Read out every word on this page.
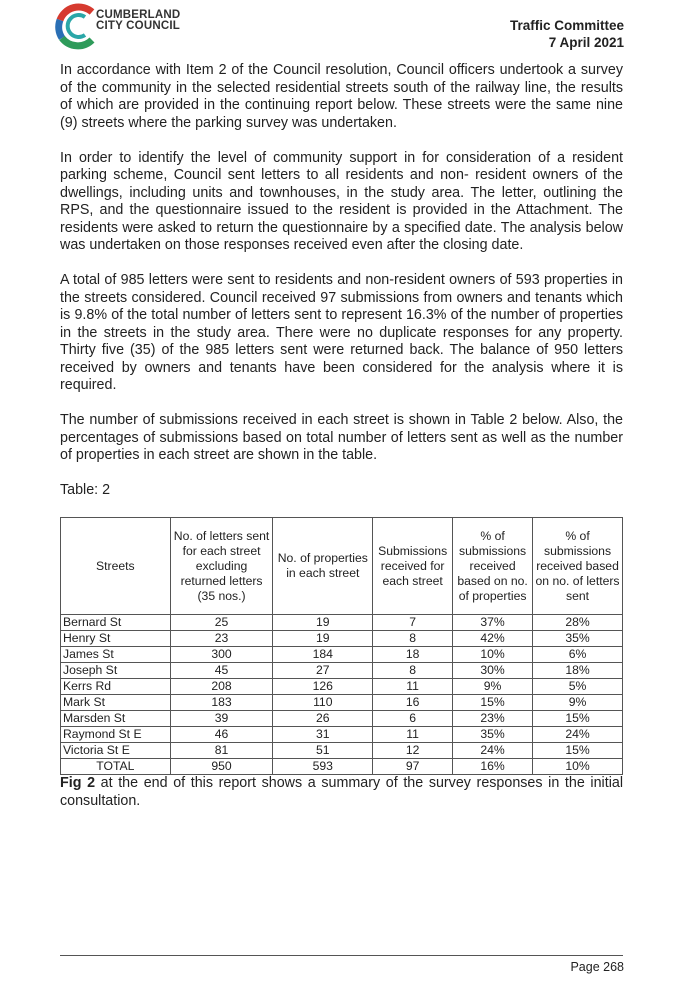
CUMBERLAND
CITY COUNCIL	Traffic Committee
7 April 2021

In accordance with Item 2 of the Council resolution, Council officers undertook a survey of the community in the selected residential streets south of the railway line, the results of which are provided in the continuing report below. These streets were the same nine (9) streets where the parking survey was undertaken.

In order to identify the level of community support in for consideration of a resident parking scheme, Council sent letters to all residents and non- resident owners of the dwellings, including units and townhouses, in the study area. The letter, outlining the RPS, and the questionnaire issued to the resident is provided in the Attachment. The residents were asked to return the questionnaire by a specified date. The analysis below was undertaken on those responses received even after the closing date.

A total of 985 letters were sent to residents and non-resident owners of 593 properties in the streets considered. Council received 97 submissions from owners and tenants which is 9.8% of the total number of letters sent to represent 16.3% of the number of properties in the streets in the study area. There were no duplicate responses for any property. Thirty five (35) of the 985 letters sent were returned back. The balance of 950 letters received by owners and tenants have been considered for the analysis where it is required.

The number of submissions received in each street is shown in Table 2 below. Also, the percentages of submissions based on total number of letters sent as well as the number of properties in each street are shown in the table.

Table: 2

Streets	No. of letters sent for each street excluding returned letters (35 nos.)	No. of properties in each street	Submissions received for each street	% of submissions received based on no. of properties	% of submissions received based on no. of letters sent
Bernard St	25	19	7	37%	28%
Henry St	23	19	8	42%	35%
James St	300	184	18	10%	6%
Joseph St	45	27	8	30%	18%
Kerrs Rd	208	126	11	9%	5%
Mark St	183	110	16	15%	9%
Marsden St	39	26	6	23%	15%
Raymond St E	46	31	11	35%	24%
Victoria St E	81	51	12	24%	15%
TOTAL	950	593	97	16%	10%

Fig 2 at the end of this report shows a summary of the survey responses in the initial consultation.

Page 268
